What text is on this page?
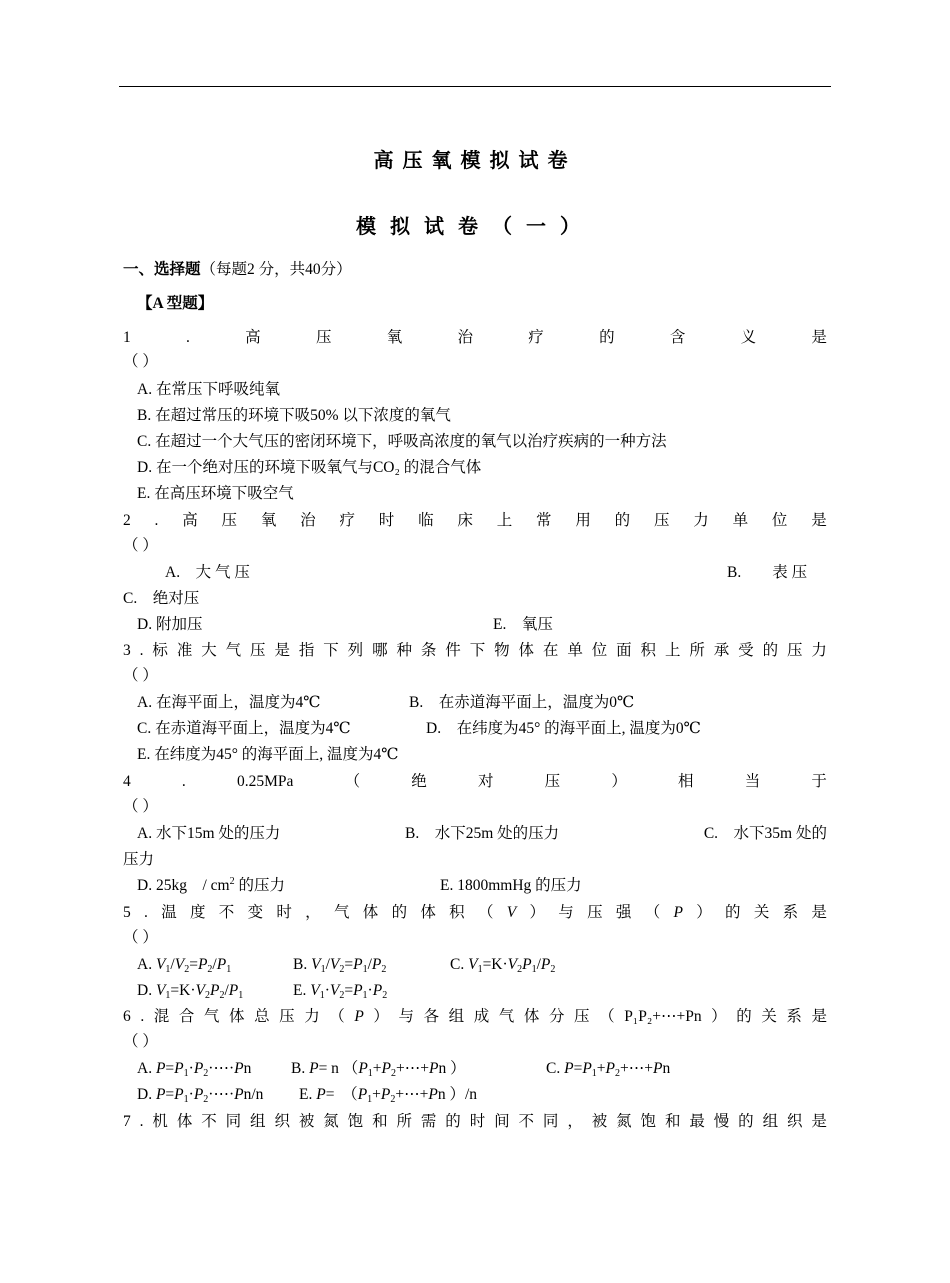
高压氧模拟试卷
模拟试卷（一）
一、选择题（每题2 分，共40分）
【A 型题】
1	.	高	压	氧	治	疗	的	含	义	是
（ ）
A. 在常压下呼吸纯氧
B. 在超过常压的环境下吸50% 以下浓度的氧气
C. 在超过一个大气压的密闭环境下，呼吸高浓度的氧气以治疗疾病的一种方法
D. 在一个绝对压的环境下吸氧气与CO₂ 的混合气体
E. 在高压环境下吸空气
2 . 高 压 氧 治 疗 时 临 床 上 常 用 的 压 力 单 位 是
（ ）
A.　大 气 压	B.　　表 压
C.　绝对压
D. 附加压	E.　氧压
3 . 标 准 大 气 压 是 指 下 列 哪 种 条 件 下 物 体 在 单 位 面 积 上 所 承 受 的 压 力
（ ）
A. 在海平面上，温度为4℃	B.　在赤道海平面上，温度为0℃
C. 在赤道海平面上，温度为4℃	D.　在纬度为45° 的海平面上, 温度为0℃
E. 在纬度为45° 的海平面上, 温度为4℃
4	.	0.25MPa	（	绝	对	压	）	相	当	于
（ ）
A. 水下15m 处的压力	B.　水下25m 处的压力	C.　水下35m 处的
压力
D. 25kg　/ $cm^2$ 的压力	E. 1800mmHg 的压力
5 . 温 度 不 变 时 ， 气 体 的 体 积 （ V ） 与 压 强 （ P ） 的 关 系 是
（ ）
A. $V_1/V_2=P_2/P_1$	B. $V_1/V_2=P_1/P_2$	C. $V_1=K\cdot V_2P_1/P_2$
D. $V_1=K\cdot V_2P_2/P_1$	E. $V_1\cdot V_2=P_1\cdot P_2$
6 . 混 合 气 体 总 压 力 （ P ） 与 各 组 成 气 体 分 压 （ P₁P₂+⋯+Pn ） 的 关 系 是
（ ）
A. $P=P_1\cdot P_2\cdot\cdots\cdot Pn$	B. P= n （$P_1+P_2+\cdots+Pn$ ）	C. $P=P_1+P_2+\cdots+Pn$
D. $P=P_1\cdot P_2\cdot\cdots\cdot Pn/n$ E. P=　（$P_1+P_2+\cdots+Pn$ ）/n
7 . 机 体 不 同 组 织 被 氮 饱 和 所 需 的 时 间 不 同 ， 被 氮 饱 和 最 慢 的 组 织 是
